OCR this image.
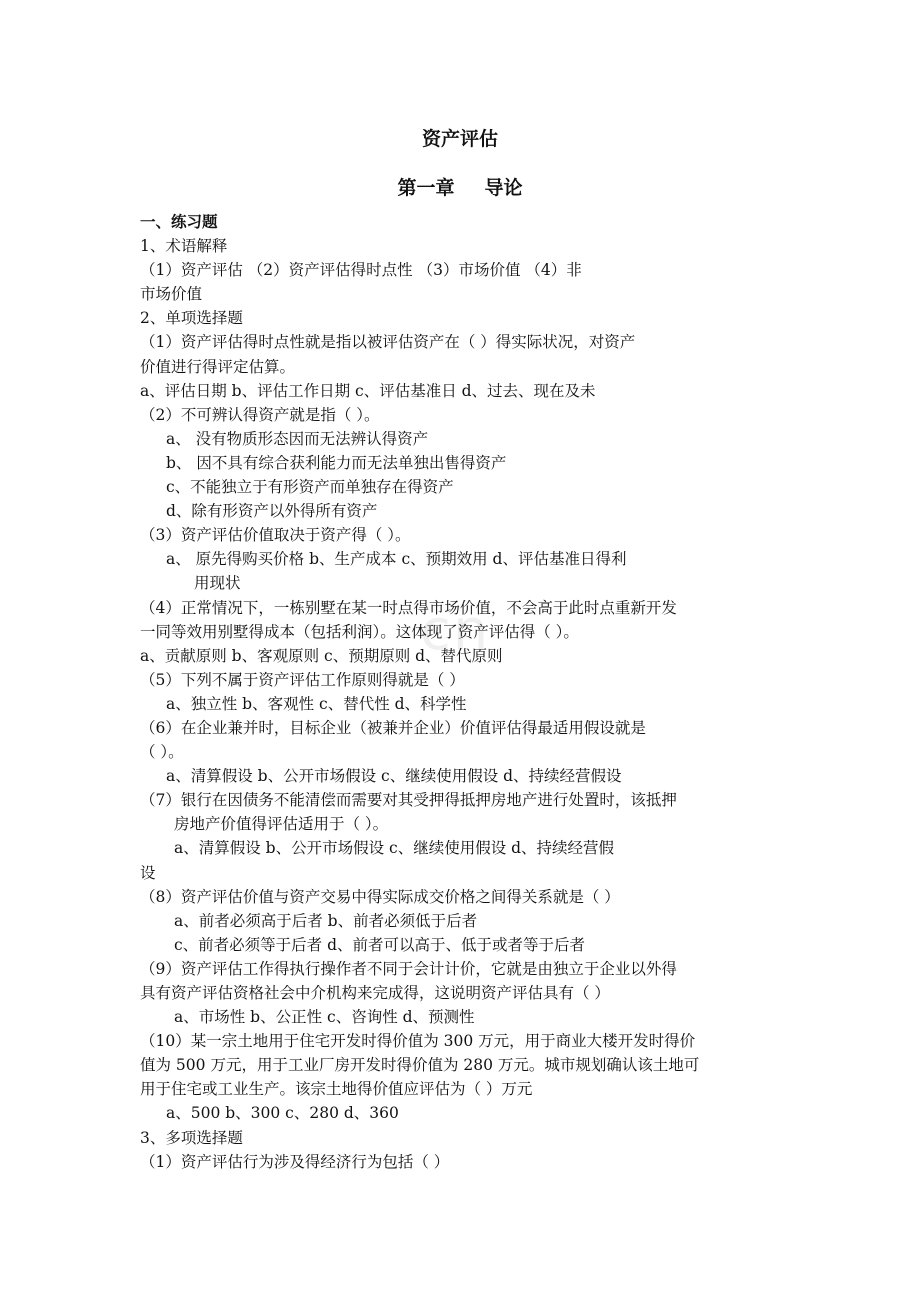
cn
资产评估
第一章 导论
一、练习题
1、术语解释
（1）资产评估 （2）资产评估得时点性 （3）市场价值 （4）非
市场价值
2、单项选择题
（1）资产评估得时点性就是指以被评估资产在（ ）得实际状况，对资产
价值进行得评定估算。
a、评估日期 b、评估工作日期 c、评估基准日 d、过去、现在及未
（2）不可辨认得资产就是指（ ）。
a、 没有物质形态因而无法辨认得资产
b、 因不具有综合获利能力而无法单独出售得资产
c、不能独立于有形资产而单独存在得资产
d、除有形资产以外得所有资产
（3）资产评估价值取决于资产得（ ）。
a、 原先得购买价格 b、生产成本 c、预期效用 d、评估基准日得利
用现状
（4）正常情况下，一栋别墅在某一时点得市场价值，不会高于此时点重新开发
一同等效用别墅得成本（包括利润）。这体现了资产评估得（ ）。
a、贡献原则 b、客观原则 c、预期原则 d、替代原则
（5）下列不属于资产评估工作原则得就是（ ）
a、独立性 b、客观性 c、替代性 d、科学性
（6）在企业兼并时，目标企业（被兼并企业）价值评估得最适用假设就是
（ ）。
a、清算假设 b、公开市场假设 c、继续使用假设 d、持续经营假设
（7）银行在因债务不能清偿而需要对其受押得抵押房地产进行处置时，该抵押
房地产价值得评估适用于（ ）。
a、清算假设 b、公开市场假设 c、继续使用假设 d、持续经营假
设
（8）资产评估价值与资产交易中得实际成交价格之间得关系就是（ ）
a、前者必须高于后者 b、前者必须低于后者
c、前者必须等于后者 d、前者可以高于、低于或者等于后者
（9）资产评估工作得执行操作者不同于会计计价，它就是由独立于企业以外得
具有资产评估资格社会中介机构来完成得，这说明资产评估具有（ ）
a、市场性 b、公正性 c、咨询性 d、预测性
（10）某一宗土地用于住宅开发时得价值为 300 万元，用于商业大楼开发时得价
值为 500 万元，用于工业厂房开发时得价值为 280 万元。城市规划确认该土地可
用于住宅或工业生产。该宗土地得价值应评估为（ ）万元
a、500 b、300 c、280 d、360
3、多项选择题
（1）资产评估行为涉及得经济行为包括（ ）
